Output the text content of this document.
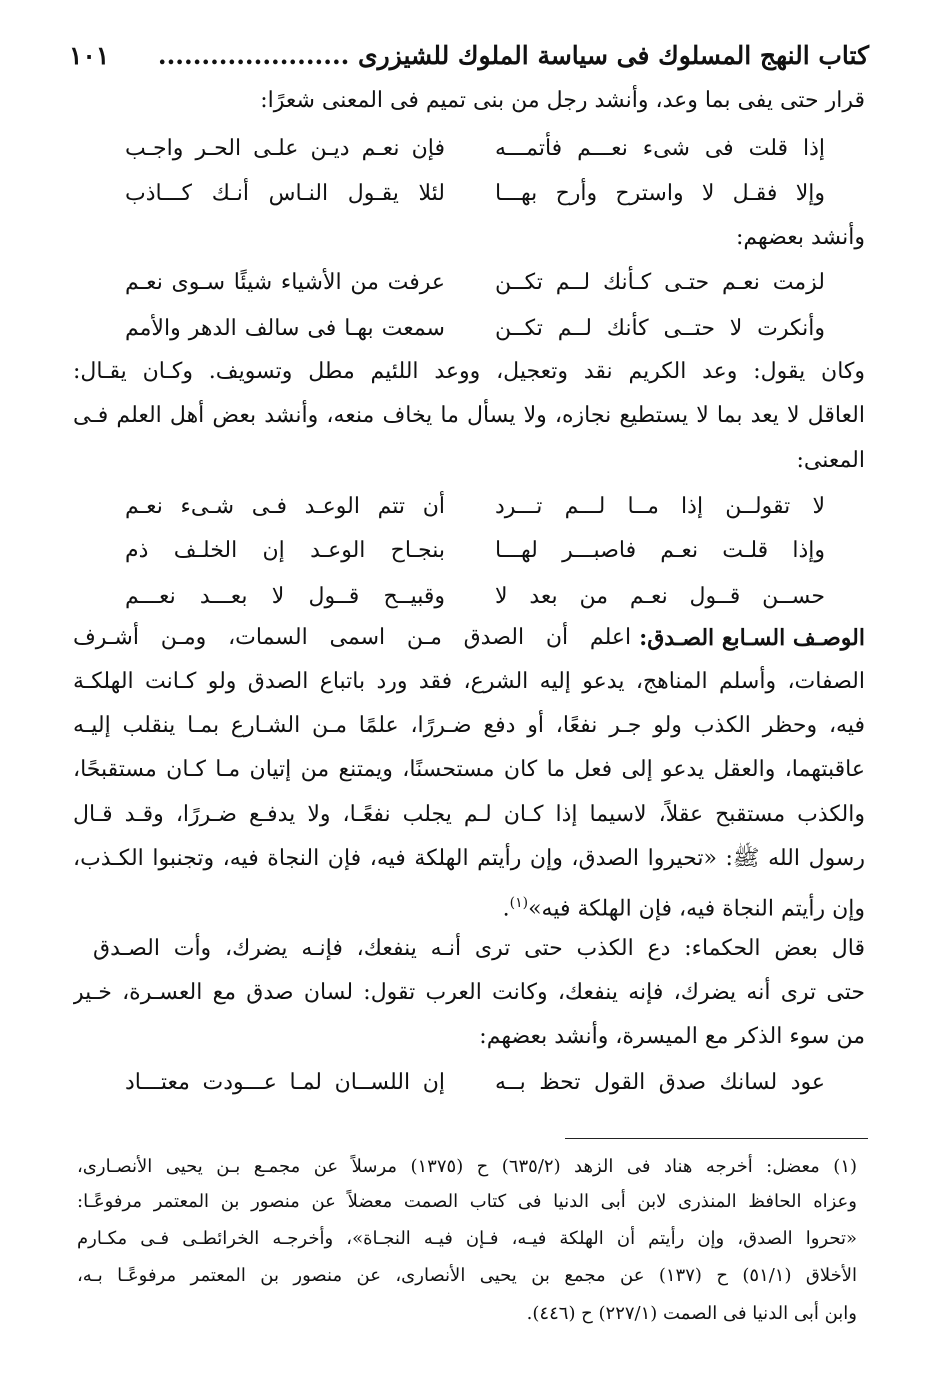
كتاب النهج المسلوك فى سياسة الملوك للشيزرى ......................
١٠١
قرار حتى يفى بما وعد، وأنشد رجل من بنى تميم فى المعنى شعرًا:
إذا قلت فى شىء نعـــم فأتمـــه
فإن نعـم ديـن علـى الحـر واجـب
وإلا فقـل لا واسترح وأرح بهـــا
لئلا يقـول النـاس أنـك كـــاذب
وأنشد بعضهم:
لزمت نعـم حتـى كـأنك لــم تكــن
عرفت من الأشياء شيئًا سـوى نعـم
وأنكرت لا حتــى كأنك لــم تكــن
سمعت بهـا فى سالف الدهر والأمم
وكان يقول: وعد الكريم نقد وتعجيل، ووعد اللئيم مطل وتسويف. وكـان يقـال:
العاقل لا يعد بما لا يستطيع نجازه، ولا يسأل ما يخاف منعه، وأنشد بعض أهل العلم فـى
المعنى:
لا تقولــن إذا مــا لـــم تـــرد
أن تتم الوعـد فـى شـىء نعـم
وإذا قلـت نعـم فاصبـــر لهـــا
بنجـاح الوعـد إن الخلـف ذم
حســن قــول نعـم من بعد لا
وقبيــح قــول لا بعـــد نعـــم
الوصـف السـابع الصـدق:
اعلم أن الصدق مـن اسمى السمات، ومـن أشـرف
الصفات، وأسلم المناهج، يدعو إليه الشرع، فقد ورد باتباع الصدق ولو كـانت الهلكـة
فيه، وحظر الكذب ولو جـر نفعًا، أو دفع ضـررًا، علمًا مـن الشـارع بمـا ينقلب إليـه
عاقبتهما، والعقل يدعو إلى فعل ما كان مستحسنًا، ويمتنع من إتيان مـا كـان مستقبحًا،
والكذب مستقبح عقلاً، لاسيما إذا كـان لـم يجلب نفعًـا، ولا يدفـع ضـررًا، وقـد قـال
رسول الله ﷺ: «تحيروا الصدق، وإن رأيتم الهلكة فيه، فإن النجاة فيه، وتجنبوا الكـذب،
وإن رأيتم النجاة فيه، فإن الهلكة فيه»$^{(١)}$.
قال بعض الحكماء: دع الكذب حتى ترى أنـه ينفعك، فإنـه يضرك، وأت الصـدق
حتى ترى أنه يضرك، فإنه ينفعك، وكانت العرب تقول: لسان صدق مع العسـرة، خـير
من سوء الذكر مع الميسرة، وأنشد بعضهم:
عود لسانك صدق القول تحظ بــه
إن اللســان لمـا عـــودت معتـــاد
(١) معضل: أخرجه هناد فى الزهد (٦٣٥/٢) ح (١٣٧٥) مرسلاً عن مجمـع بـن يحيى الأنصـارى،
وعزاه الحافظ المنذرى لابن أبى الدنيا فى كتاب الصمت معضلاً عن منصور بن المعتمر مرفوعًـا:
«تحروا الصدق، وإن رأيتم أن الهلكة فيـه، فـإن فيـه النجـاة»، وأخرجـه الخرائطـى فـى مكـارم
الأخلاق (٥١/١) ح (١٣٧) عن مجمع بن يحيى الأنصارى، عن منصور بن المعتمر مرفوعًـا بـه،
وابن أبى الدنيا فى الصمت (٢٢٧/١) ح (٤٤٦).
